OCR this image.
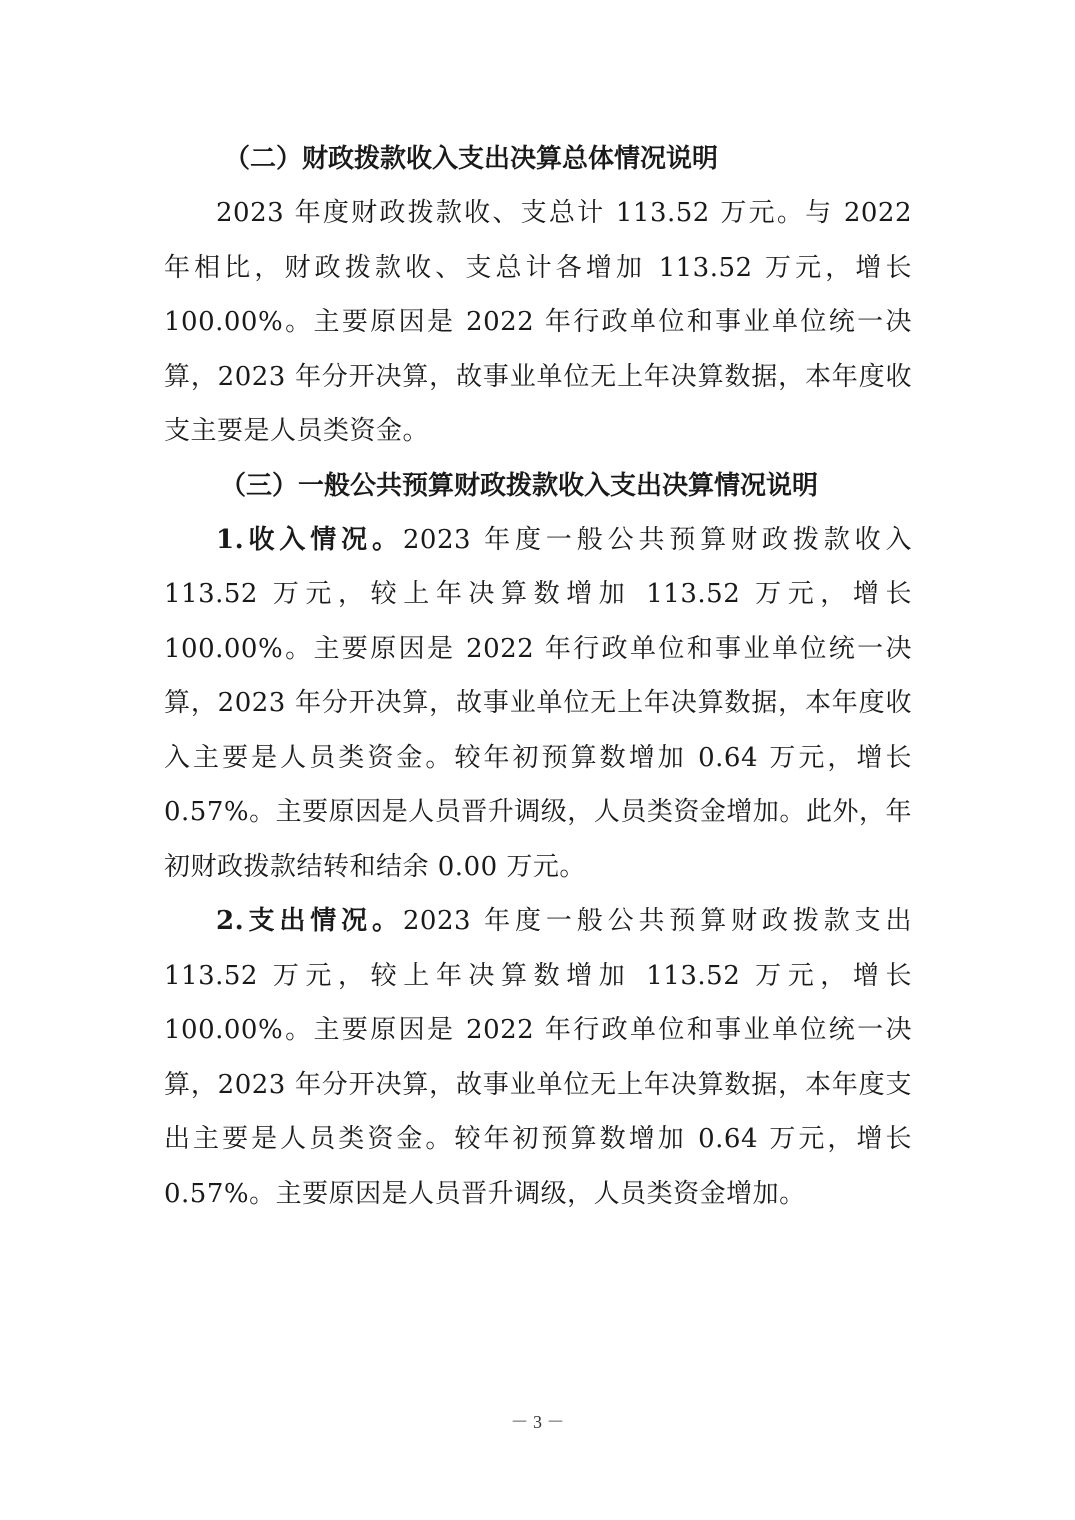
（二）财政拨款收入支出决算总体情况说明

2023 年度财政拨款收、支总计 113.52 万元。与 2022 年相比，财政拨款收、支总计各增加 113.52 万元，增长 100.00%。主要原因是 2022 年行政单位和事业单位统一决算，2023 年分开决算，故事业单位无上年决算数据，本年度收支主要是人员类资金。

（三）一般公共预算财政拨款收入支出决算情况说明

1.收入情况。2023 年度一般公共预算财政拨款收入 113.52 万元，较上年决算数增加 113.52 万元，增长 100.00%。主要原因是 2022 年行政单位和事业单位统一决算，2023 年分开决算，故事业单位无上年决算数据，本年度收入主要是人员类资金。较年初预算数增加 0.64 万元，增长 0.57%。主要原因是人员晋升调级，人员类资金增加。此外，年初财政拨款结转和结余 0.00 万元。

2.支出情况。2023 年度一般公共预算财政拨款支出 113.52 万元，较上年决算数增加 113.52 万元，增长 100.00%。主要原因是 2022 年行政单位和事业单位统一决算，2023 年分开决算，故事业单位无上年决算数据，本年度支出主要是人员类资金。较年初预算数增加 0.64 万元，增长 0.57%。主要原因是人员晋升调级，人员类资金增加。

－ 3 －
